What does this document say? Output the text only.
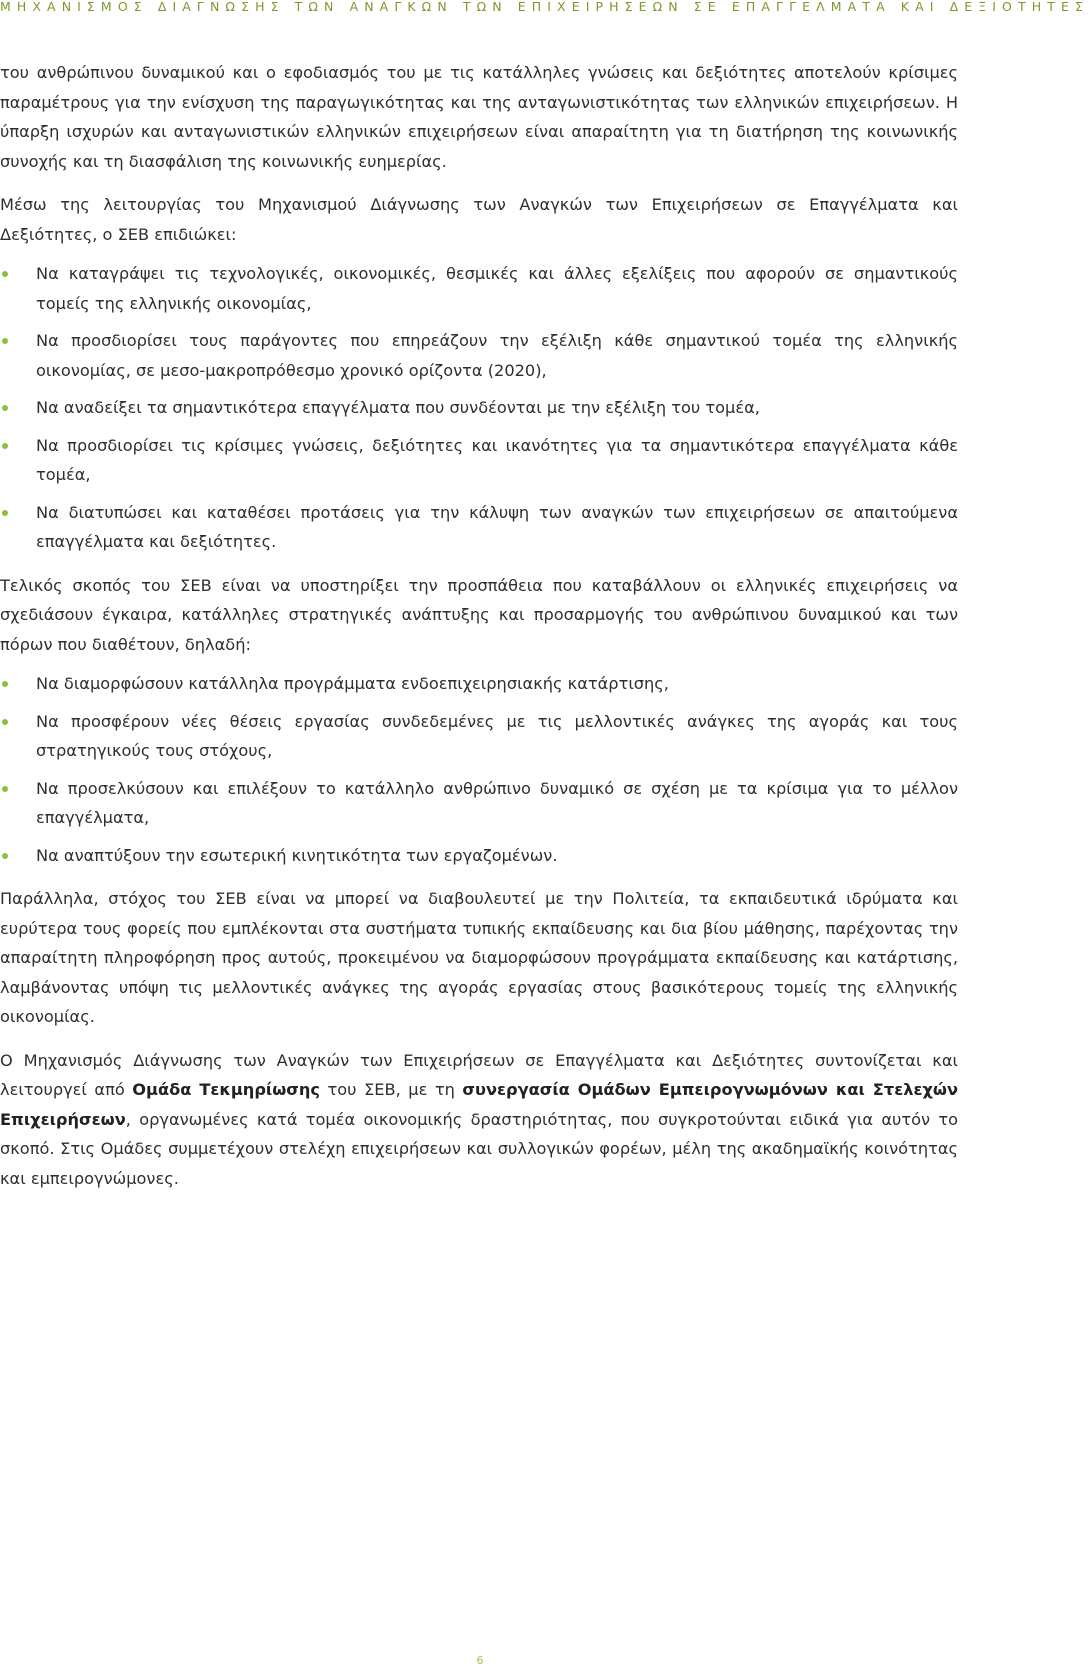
ΜΗΧΑΝΙΣΜΟΣ ΔΙΑΓΝΩΣΗΣ ΤΩΝ ΑΝΑΓΚΩΝ ΤΩΝ ΕΠΙΧΕΙΡΗΣΕΩΝ ΣΕ ΕΠΑΓΓΕΛΜΑΤΑ ΚΑΙ ΔΕΞΙΟΤΗΤΕΣ

του ανθρώπινου δυναμικού και ο εφοδιασμός του με τις κατάλληλες γνώσεις και δεξιότητες αποτελούν κρίσιμες παραμέτρους για την ενίσχυση της παραγωγικότητας και της ανταγωνιστικότητας των ελληνικών επιχειρήσεων. Η ύπαρξη ισχυρών και ανταγωνιστικών ελληνικών επιχειρήσεων είναι απαραίτητη για τη διατήρηση της κοινωνικής συνοχής και τη διασφάλιση της κοινωνικής ευημερίας.

Μέσω της λειτουργίας του Μηχανισμού Διάγνωσης των Αναγκών των Επιχειρήσεων σε Επαγγέλματα και Δεξιότητες, ο ΣΕΒ επιδιώκει:

Να καταγράψει τις τεχνολογικές, οικονομικές, θεσμικές και άλλες εξελίξεις που αφορούν σε σημαντικούς τομείς της ελληνικής οικονομίας,
Να προσδιορίσει τους παράγοντες που επηρεάζουν την εξέλιξη κάθε σημαντικού τομέα της ελληνικής οικονομίας, σε μεσο-μακροπρόθεσμο χρονικό ορίζοντα (2020),
Να αναδείξει τα σημαντικότερα επαγγέλματα που συνδέονται με την εξέλιξη του τομέα,
Να προσδιορίσει τις κρίσιμες γνώσεις, δεξιότητες και ικανότητες για τα σημαντικότερα επαγγέλματα κάθε τομέα,
Να διατυπώσει και καταθέσει προτάσεις για την κάλυψη των αναγκών των επιχειρήσεων σε απαιτούμενα επαγγέλματα και δεξιότητες.

Τελικός σκοπός του ΣΕΒ είναι να υποστηρίξει την προσπάθεια που καταβάλλουν οι ελληνικές επιχειρήσεις να σχεδιάσουν έγκαιρα, κατάλληλες στρατηγικές ανάπτυξης και προσαρμογής του ανθρώπινου δυναμικού και των πόρων που διαθέτουν, δηλαδή:

Να διαμορφώσουν κατάλληλα προγράμματα ενδοεπιχειρησιακής κατάρτισης,
Να προσφέρουν νέες θέσεις εργασίας συνδεδεμένες με τις μελλοντικές ανάγκες της αγοράς και τους στρατηγικούς τους στόχους,
Να προσελκύσουν και επιλέξουν το κατάλληλο ανθρώπινο δυναμικό σε σχέση με τα κρίσιμα για το μέλλον επαγγέλματα,
Να αναπτύξουν την εσωτερική κινητικότητα των εργαζομένων.

Παράλληλα, στόχος του ΣΕΒ είναι να μπορεί να διαβουλευτεί με την Πολιτεία, τα εκπαιδευτικά ιδρύματα και ευρύτερα τους φορείς που εμπλέκονται στα συστήματα τυπικής εκπαίδευσης και δια βίου μάθησης, παρέχοντας την απαραίτητη πληροφόρηση προς αυτούς, προκειμένου να διαμορφώσουν προγράμματα εκπαίδευσης και κατάρτισης, λαμβάνοντας υπόψη τις μελλοντικές ανάγκες της αγοράς εργασίας στους βασικότερους τομείς της ελληνικής οικονομίας.

Ο Μηχανισμός Διάγνωσης των Αναγκών των Επιχειρήσεων σε Επαγγέλματα και Δεξιότητες συντονίζεται και λειτουργεί από Ομάδα Τεκμηρίωσης του ΣΕΒ, με τη συνεργασία Ομάδων Εμπειρογνωμόνων και Στελεχών Επιχειρήσεων, οργανωμένες κατά τομέα οικονομικής δραστηριότητας, που συγκροτούνται ειδικά για αυτόν το σκοπό. Στις Ομάδες συμμετέχουν στελέχη επιχειρήσεων και συλλογικών φορέων, μέλη της ακαδημαϊκής κοινότητας και εμπειρογνώμονες.

6
